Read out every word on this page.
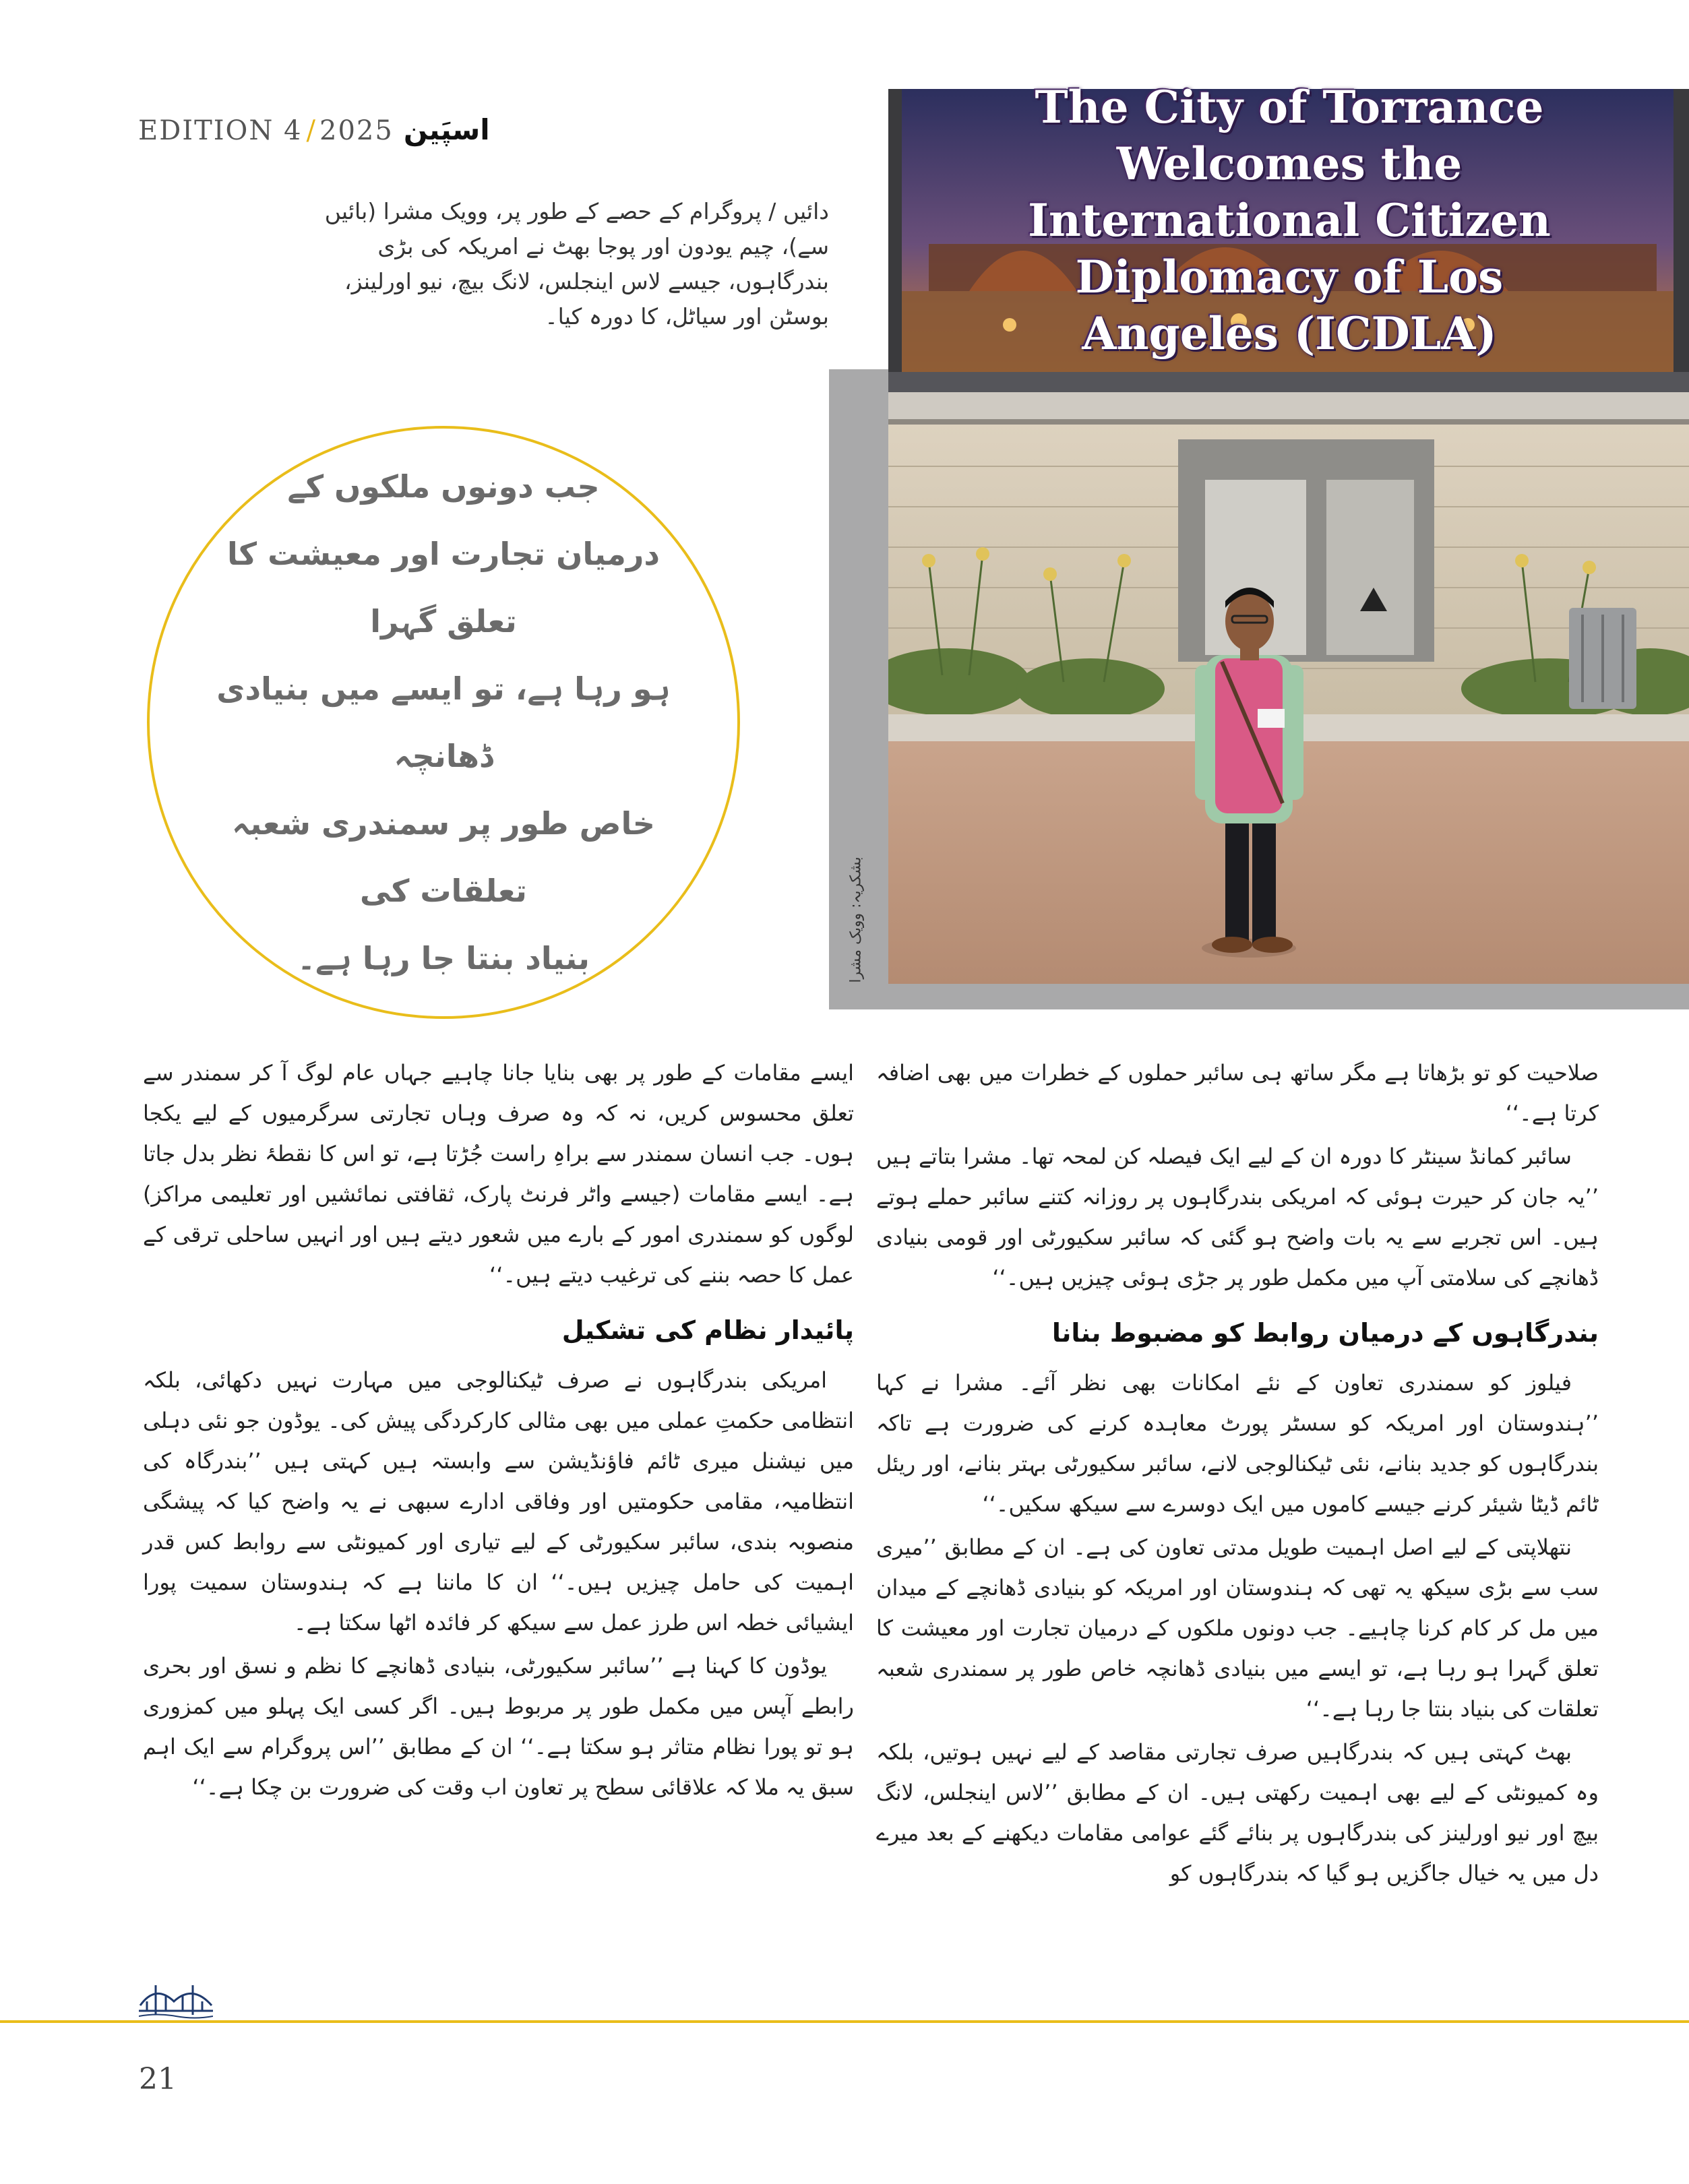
EDITION 4 / 2025 اسپَین
دائیں / پروگرام کے حصے کے طور پر، وویک مشرا (بائیں سے)، چیم یودون اور پوجا بھٹ نے امریکہ کی بڑی بندرگاہوں، جیسے لاس اینجلس، لانگ بیچ، نیو اورلینز، بوسٹن اور سیاٹل، کا دورہ کیا۔
جب دونوں ملکوں کے
درمیان تجارت اور معیشت کا تعلق گہرا
ہو رہا ہے، تو ایسے میں بنیادی ڈھانچہ
خاص طور پر سمندری شعبہ تعلقات کی
بنیاد بنتا جا رہا ہے۔
The City of Torrance
Welcomes the
International Citizen
Diplomacy of Los
Angeles (ICDLA)
بشکریہ: وویک مشرا

صلاحیت کو تو بڑھاتا ہے مگر ساتھ ہی سائبر حملوں کے خطرات میں بھی اضافہ کرتا ہے۔‘‘

سائبر کمانڈ سینٹر کا دورہ ان کے لیے ایک فیصلہ کن لمحہ تھا۔ مشرا بتاتے ہیں ’’یہ جان کر حیرت ہوئی کہ امریکی بندرگاہوں پر روزانہ کتنے سائبر حملے ہوتے ہیں۔ اس تجربے سے یہ بات واضح ہو گئی کہ سائبر سکیورٹی اور قومی بنیادی ڈھانچے کی سلامتی آپ میں مکمل طور پر جڑی ہوئی چیزیں ہیں۔‘‘

بندرگاہوں کے درمیان روابط کو مضبوط بنانا

فیلوز کو سمندری تعاون کے نئے امکانات بھی نظر آئے۔ مشرا نے کہا ’’ہندوستان اور امریکہ کو سسٹر پورٹ معاہدہ کرنے کی ضرورت ہے تاکہ بندرگاہوں کو جدید بنانے، نئی ٹیکنالوجی لانے، سائبر سکیورٹی بہتر بنانے، اور ریئل ٹائم ڈیٹا شیئر کرنے جیسے کاموں میں ایک دوسرے سے سیکھ سکیں۔‘‘

نتھلاپتی کے لیے اصل اہمیت طویل مدتی تعاون کی ہے۔ ان کے مطابق ’’میری سب سے بڑی سیکھ یہ تھی کہ ہندوستان اور امریکہ کو بنیادی ڈھانچے کے میدان میں مل کر کام کرنا چاہیے۔ جب دونوں ملکوں کے درمیان تجارت اور معیشت کا تعلق گہرا ہو رہا ہے، تو ایسے میں بنیادی ڈھانچہ خاص طور پر سمندری شعبہ تعلقات کی بنیاد بنتا جا رہا ہے۔‘‘

بھٹ کہتی ہیں کہ بندرگاہیں صرف تجارتی مقاصد کے لیے نہیں ہوتیں، بلکہ وہ کمیونٹی کے لیے بھی اہمیت رکھتی ہیں۔ ان کے مطابق ’’لاس اینجلس، لانگ بیچ اور نیو اورلینز کی بندرگاہوں پر بنائے گئے عوامی مقامات دیکھنے کے بعد میرے دل میں یہ خیال جاگزیں ہو گیا کہ بندرگاہوں کو

ایسے مقامات کے طور پر بھی بنایا جانا چاہیے جہاں عام لوگ آ کر سمندر سے تعلق محسوس کریں، نہ کہ وہ صرف وہاں تجارتی سرگرمیوں کے لیے یکجا ہوں۔ جب انسان سمندر سے براہِ راست جُڑتا ہے، تو اس کا نقطۂ نظر بدل جاتا ہے۔ ایسے مقامات (جیسے واٹر فرنٹ پارک، ثقافتی نمائشیں اور تعلیمی مراکز) لوگوں کو سمندری امور کے بارے میں شعور دیتے ہیں اور انہیں ساحلی ترقی کے عمل کا حصہ بننے کی ترغیب دیتے ہیں۔‘‘

پائیدار نظام کی تشکیل

امریکی بندرگاہوں نے صرف ٹیکنالوجی میں مہارت نہیں دکھائی، بلکہ انتظامی حکمتِ عملی میں بھی مثالی کارکردگی پیش کی۔ یوڈون جو نئی دہلی میں نیشنل میری ٹائم فاؤنڈیشن سے وابستہ ہیں کہتی ہیں ’’بندرگاہ کی انتظامیہ، مقامی حکومتیں اور وفاقی ادارے سبھی نے یہ واضح کیا کہ پیشگی منصوبہ بندی، سائبر سکیورٹی کے لیے تیاری اور کمیونٹی سے روابط کس قدر اہمیت کی حامل چیزیں ہیں۔‘‘ ان کا ماننا ہے کہ ہندوستان سمیت پورا ایشیائی خطہ اس طرز عمل سے سیکھ کر فائدہ اٹھا سکتا ہے۔

یوڈون کا کہنا ہے ’’سائبر سکیورٹی، بنیادی ڈھانچے کا نظم و نسق اور بحری رابطے آپس میں مکمل طور پر مربوط ہیں۔ اگر کسی ایک پہلو میں کمزوری ہو تو پورا نظام متاثر ہو سکتا ہے۔‘‘ ان کے مطابق ’’اس پروگرام سے ایک اہم سبق یہ ملا کہ علاقائی سطح پر تعاون اب وقت کی ضرورت بن چکا ہے۔‘‘

21
